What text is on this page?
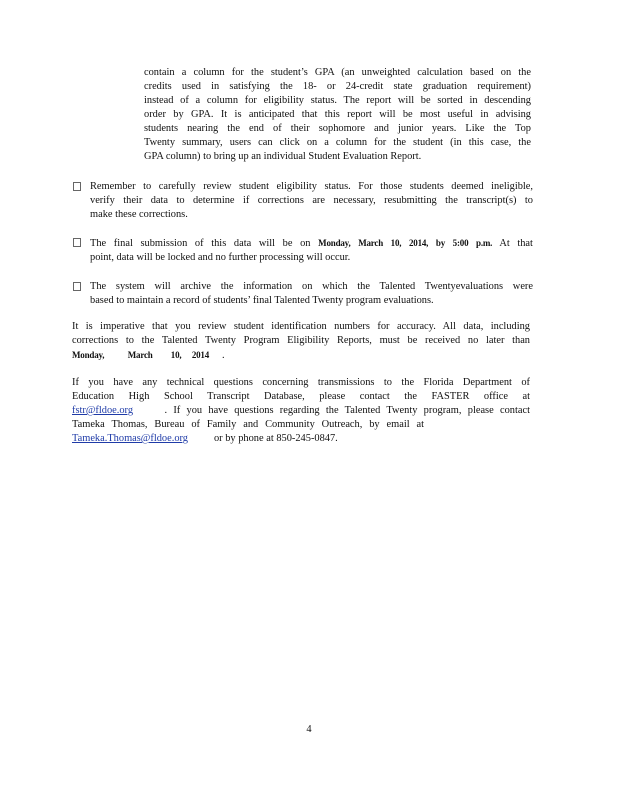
contain a column for the student’s GPA (an unweighted calculation based on the
credits used in satisfying the 18- or 24-credit state graduation requirement)
instead of a column for eligibility status. The report will be sorted in descending
order by GPA. It is anticipated that this report will be most useful in advising
students nearing the end of their sophomore and junior years. Like the Top
Twenty summary, users can click on a column for the student (in this case, the
GPA column) to bring up an individual Student Evaluation Report.
Remember to carefully review student eligibility status. For those students deemed ineligible,
verify their data to determine if corrections are necessary, resubmitting the transcript(s) to
make these corrections.
The final submission of this data will be on Monday, March 10, 2014, by 5:00 p.m. At that
point, data will be locked and no further processing will occur.
The system will archive the information on which the Talented Twentyevaluations were
based to maintain a record of students’ final Talented Twenty program evaluations.
It is imperative that you review student identification numbers for accuracy. All data, including
corrections to the Talented Twenty Program Eligibility Reports, must be received no later than
Monday,	March 10, 2014 .
If you have any technical questions concerning transmissions to the Florida Department of
Education High School Transcript Database, please contact the FASTER office at
fstr@fldoe.org	. If you have questions regarding the Talented Twenty program, please contact
Tameka Thomas, Bureau of Family and Community Outreach, by email at
Tameka.Thomas@fldoe.org or by phone at 850-245-0847.
4
